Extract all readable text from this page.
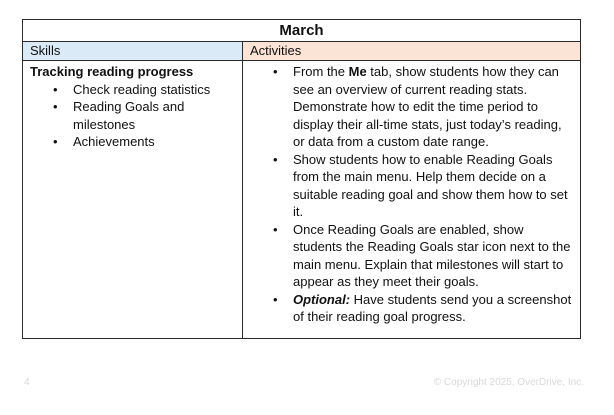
March
Skills	Activities
Tracking reading progress
• Check reading statistics
• Reading Goals and milestones
• Achievements
• From the Me tab, show students how they can see an overview of current reading stats. Demonstrate how to edit the time period to display their all-time stats, just today’s reading, or data from a custom date range.
• Show students how to enable Reading Goals from the main menu. Help them decide on a suitable reading goal and show them how to set it.
• Once Reading Goals are enabled, show students the Reading Goals star icon next to the main menu. Explain that milestones will start to appear as they meet their goals.
• Optional: Have students send you a screenshot of their reading goal progress.
4	© Copyright 2025, OverDrive, Inc.
